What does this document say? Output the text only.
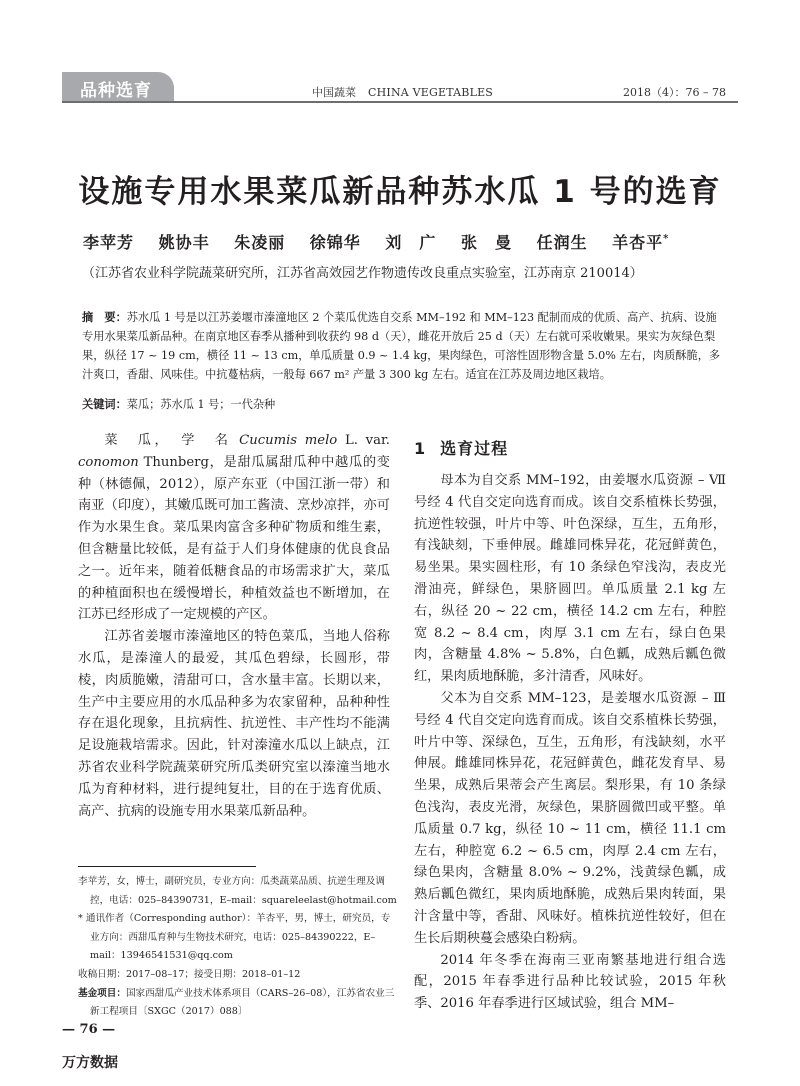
品种选育	中国蔬菜 CHINA VEGETABLES	2018（4）：76 – 78
设施专用水果菜瓜新品种苏水瓜 1 号的选育
李苹芳 姚协丰 朱凌丽 徐锦华 刘　广 张　曼 任润生 羊杏平*
（江苏省农业科学院蔬菜研究所，江苏省高效园艺作物遗传改良重点实验室，江苏南京 210014）
摘　要：苏水瓜 1 号是以江苏姜堰市溱潼地区 2 个菜瓜优选自交系 MM–192 和 MM–123 配制而成的优质、高产、抗病、设施专用水果菜瓜新品种。在南京地区春季从播种到收获约 98 d（天），雌花开放后 25 d（天）左右就可采收嫩果。果实为灰绿色梨果，纵径 17 ~ 19 cm，横径 11 ~ 13 cm，单瓜质量 0.9 ~ 1.4 kg，果肉绿色，可溶性固形物含量 5.0% 左右，肉质酥脆，多汁爽口，香甜、风味佳。中抗蔓枯病，一般每 667 m² 产量 3 300 kg 左右。适宜在江苏及周边地区栽培。
关键词：菜瓜；苏水瓜 1 号；一代杂种

菜　瓜，　学　名 Cucumis melo L. var. conomon Thunberg，是甜瓜属甜瓜种中越瓜的变种（林德佩，2012），原产东亚（中国江浙一带）和南亚（印度），其嫩瓜既可加工酱渍、烹炒凉拌，亦可作为水果生食。菜瓜果肉富含多种矿物质和维生素，但含糖量比较低，是有益于人们身体健康的优良食品之一。近年来，随着低糖食品的市场需求扩大，菜瓜的种植面积也在缓慢增长，种植效益也不断增加，在江苏已经形成了一定规模的产区。

江苏省姜堰市溱潼地区的特色菜瓜，当地人俗称水瓜，是溱潼人的最爱，其瓜色碧绿，长圆形，带棱，肉质脆嫩，清甜可口，含水量丰富。长期以来，生产中主要应用的水瓜品种多为农家留种，品种种性存在退化现象，且抗病性、抗逆性、丰产性均不能满足设施栽培需求。因此，针对溱潼水瓜以上缺点，江苏省农业科学院蔬菜研究所瓜类研究室以溱潼当地水瓜为育种材料，进行提纯复壮，目的在于选育优质、高产、抗病的设施专用水果菜瓜新品种。

1 选育过程

母本为自交系 MM–192，由姜堰水瓜资源 – Ⅶ号经 4 代自交定向选育而成。该自交系植株长势强，抗逆性较强，叶片中等、叶色深绿，互生，五角形，有浅缺刻，下垂伸展。雌雄同株异花，花冠鲜黄色，易坐果。果实圆柱形，有 10 条绿色窄浅沟，表皮光滑油亮，鲜绿色，果脐圆凹。单瓜质量 2.1 kg 左右，纵径 20 ~ 22 cm，横径 14.2 cm 左右，种腔宽 8.2 ~ 8.4 cm，肉厚 3.1 cm 左右，绿白色果肉，含糖量 4.8% ~ 5.8%，白色瓤，成熟后瓤色微红，果肉质地酥脆，多汁清香，风味好。

父本为自交系 MM–123，是姜堰水瓜资源 – Ⅲ号经 4 代自交定向选育而成。该自交系植株长势强，叶片中等、深绿色，互生，五角形，有浅缺刻，水平伸展。雌雄同株异花，花冠鲜黄色，雌花发育早、易坐果，成熟后果蒂会产生离层。梨形果，有 10 条绿色浅沟，表皮光滑，灰绿色，果脐圆微凹或平整。单瓜质量 0.7 kg，纵径 10 ~ 11 cm，横径 11.1 cm 左右，种腔宽 6.2 ~ 6.5 cm，肉厚 2.4 cm 左右，绿色果肉，含糖量 8.0% ~ 9.2%，浅黄绿色瓤，成熟后瓤色微红，果肉质地酥脆，成熟后果肉转面，果汁含量中等，香甜、风味好。植株抗逆性较好，但在生长后期秧蔓会感染白粉病。

2014 年冬季在海南三亚南繁基地进行组合选配，2015 年春季进行品种比较试验，2015 年秋季、2016 年春季进行区域试验，组合 MM–

李苹芳，女，博士，副研究员，专业方向：瓜类蔬菜品质、抗逆生理及调控，电话：025–84390731，E–mail：squareleelast@hotmail.com

* 通讯作者（Corresponding author）：羊杏平，男，博士，研究员，专业方向：西甜瓜育种与生物技术研究，电话：025–84390222，E–mail：13946541531@qq.com

收稿日期：2017–08–17；接受日期：2018–01–12

基金项目：国家西甜瓜产业技术体系项目（CARS–26–08），江苏省农业三新工程项目〔SXGC（2017）088〕

— 76 —
万方数据
